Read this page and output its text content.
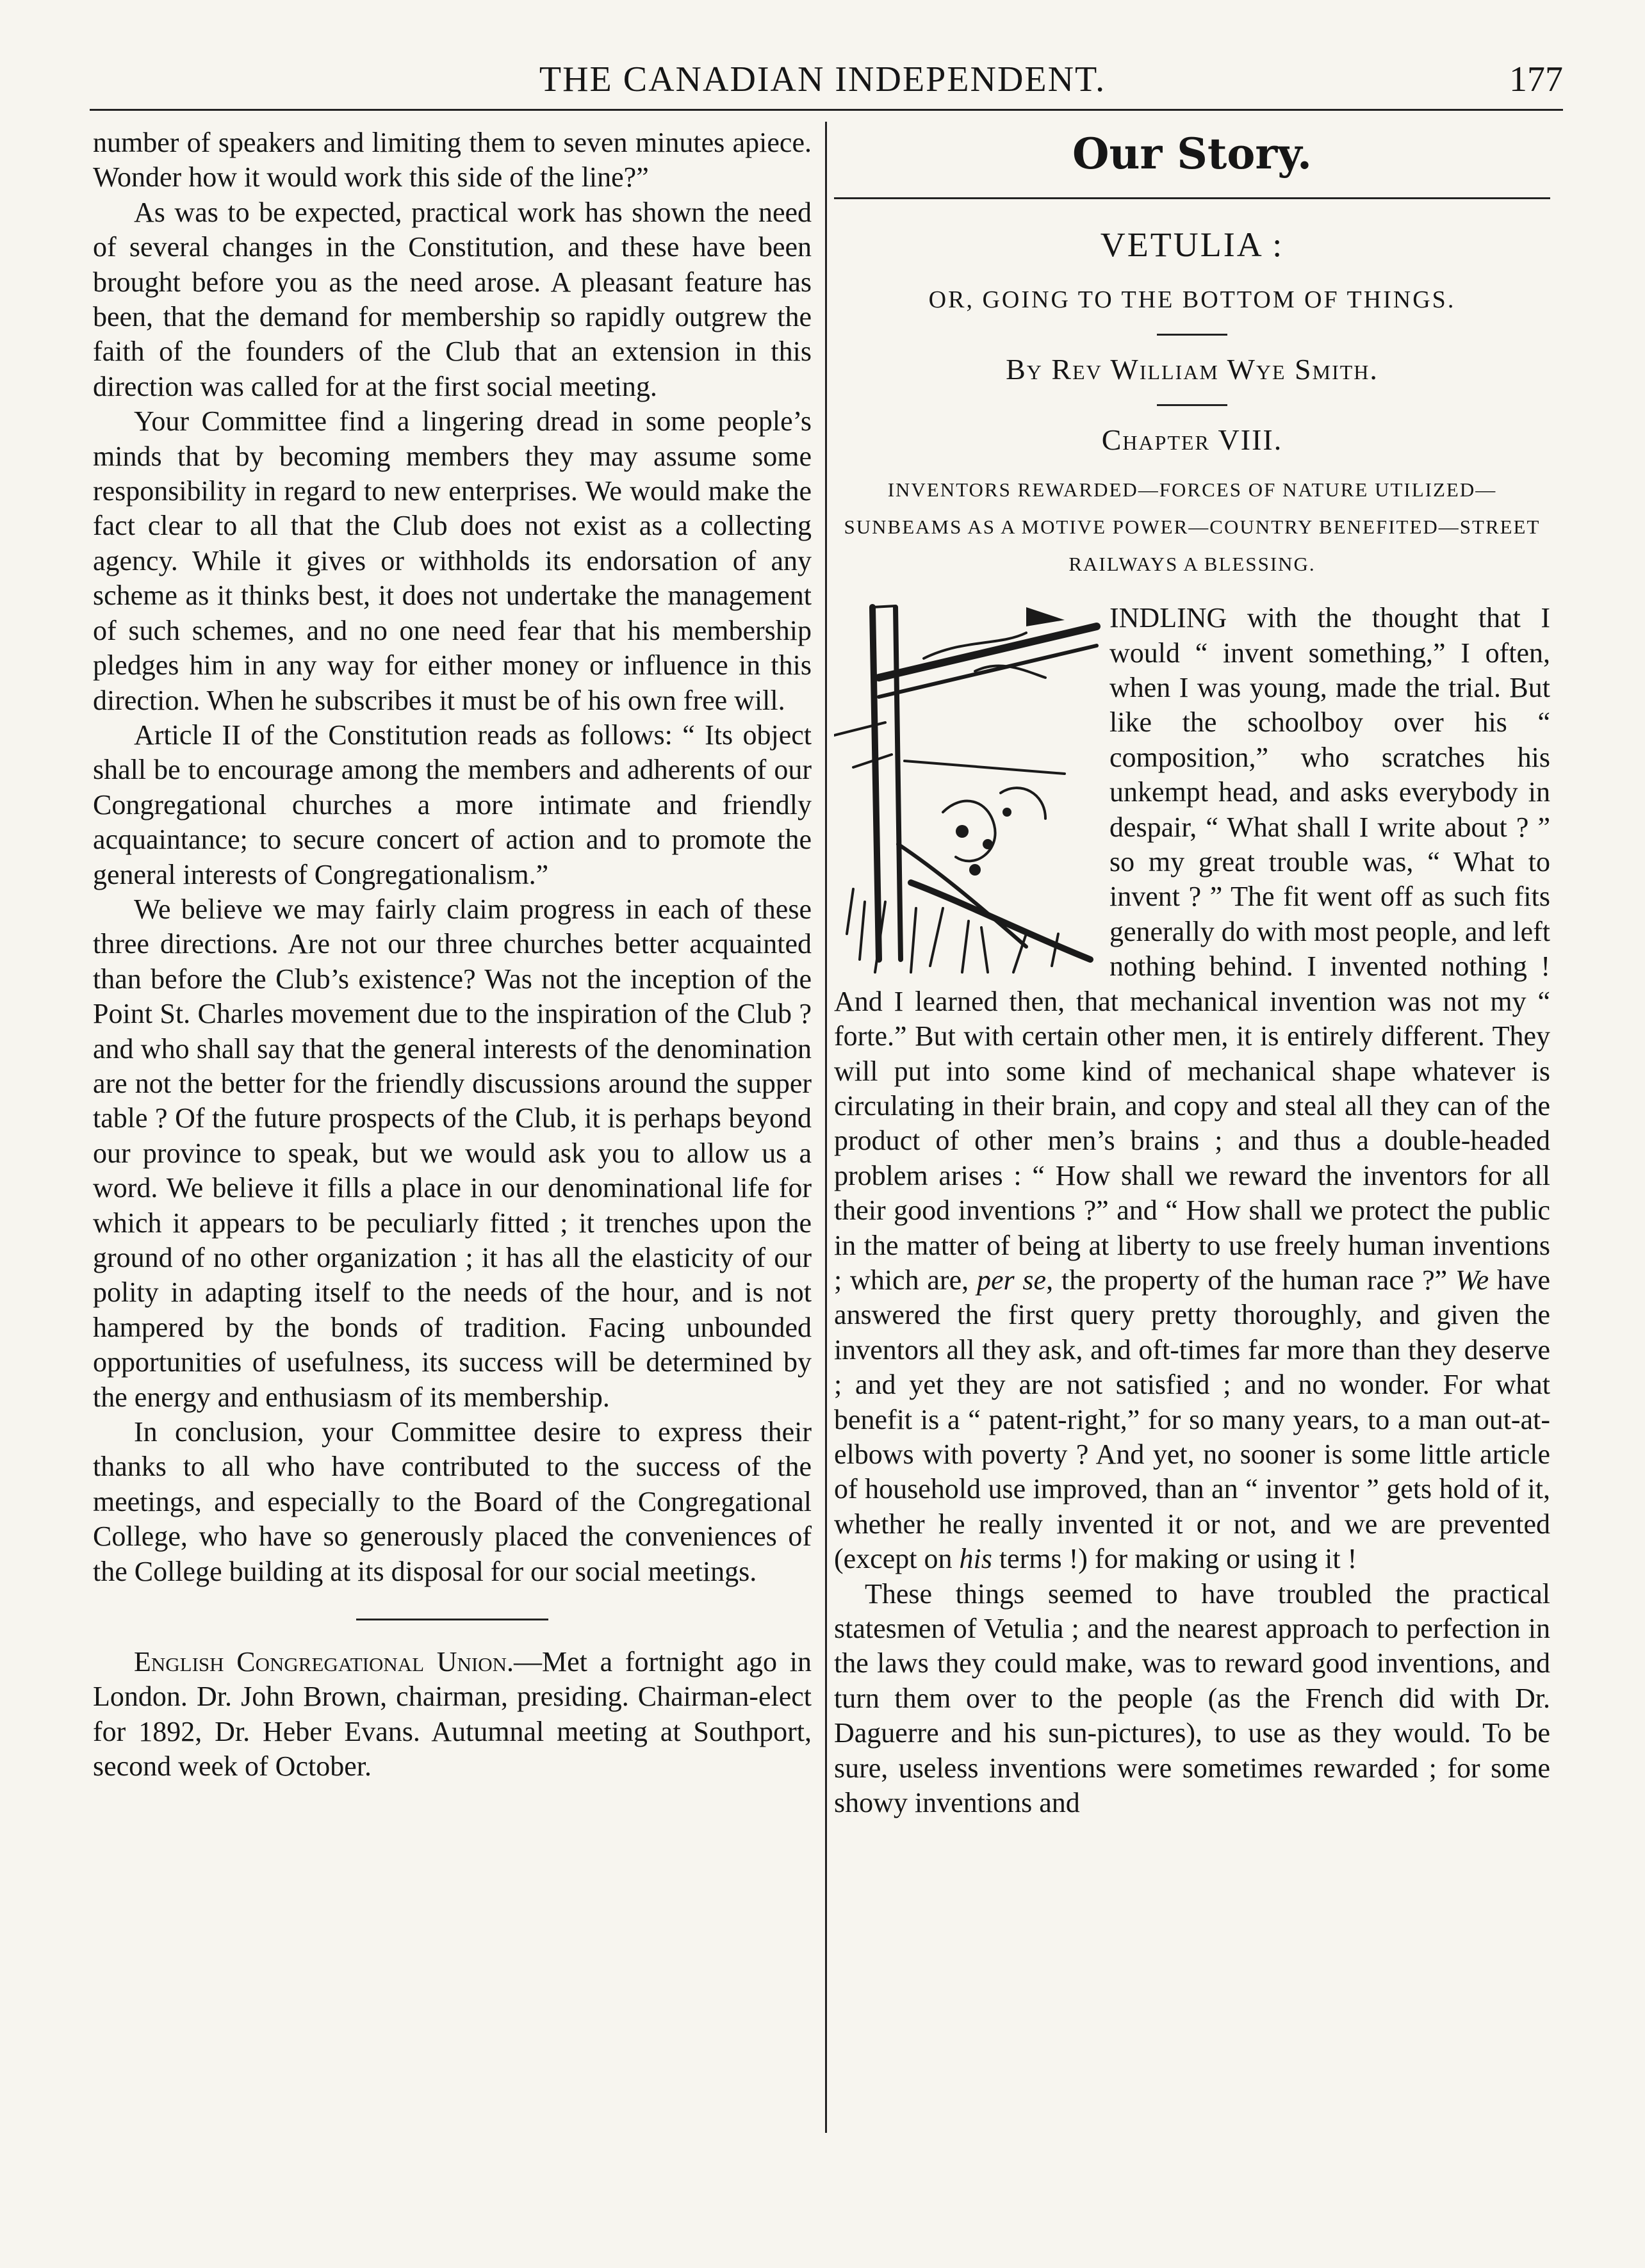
THE CANADIAN INDEPENDENT.	177

number of speakers and limiting them to seven minutes apiece. Wonder how it would work this side of the line?”

As was to be expected, practical work has shown the need of several changes in the Constitution, and these have been brought before you as the need arose. A pleasant feature has been, that the demand for membership so rapidly outgrew the faith of the founders of the Club that an extension in this direction was called for at the first social meeting.

Your Committee find a lingering dread in some people’s minds that by becoming members they may assume some responsibility in regard to new enterprises. We would make the fact clear to all that the Club does not exist as a collecting agency. While it gives or withholds its endorsation of any scheme as it thinks best, it does not undertake the management of such schemes, and no one need fear that his membership pledges him in any way for either money or influence in this direction. When he subscribes it must be of his own free will.

Article II of the Constitution reads as follows: “ Its object shall be to encourage among the members and adherents of our Congregational churches a more intimate and friendly acquaintance; to secure concert of action and to promote the general interests of Congregationalism.”

We believe we may fairly claim progress in each of these three directions. Are not our three churches better acquainted than before the Club’s existence? Was not the inception of the Point St. Charles movement due to the inspiration of the Club ? and who shall say that the general interests of the denomination are not the better for the friendly discussions around the supper table ? Of the future prospects of the Club, it is perhaps beyond our province to speak, but we would ask you to allow us a word. We believe it fills a place in our denominational life for which it appears to be peculiarly fitted ; it trenches upon the ground of no other organization ; it has all the elasticity of our polity in adapting itself to the needs of the hour, and is not hampered by the bonds of tradition. Facing unbounded opportunities of usefulness, its success will be determined by the energy and enthusiasm of its membership.

In conclusion, your Committee desire to express their thanks to all who have contributed to the success of the meetings, and especially to the Board of the Congregational College, who have so generously placed the conveniences of the College building at its disposal for our social meetings.

English Congregational Union.—Met a fortnight ago in London. Dr. John Brown, chairman, presiding. Chairman-elect for 1892, Dr. Heber Evans. Autumnal meeting at Southport, second week of October.

Our Story.

VETULIA :

OR, GOING TO THE BOTTOM OF THINGS.

By Rev William Wye Smith.

Chapter VIII.

INVENTORS REWARDED—FORCES OF NATURE UTILIZED—SUNBEAMS AS A MOTIVE POWER—COUNTRY BENEFITED—STREET RAILWAYS A BLESSING.

INDLING with the thought that I would “ invent something,” I often, when I was young, made the trial. But like the schoolboy over his “ composition,” who scratches his unkempt head, and asks everybody in despair, “ What shall I write about ? ” so my great trouble was, “ What to invent ? ” The fit went off as such fits generally do with most people, and left nothing behind. I invented nothing ! And I learned then, that mechanical invention was not my “ forte.” But with certain other men, it is entirely different. They will put into some kind of mechanical shape whatever is circulating in their brain, and copy and steal all they can of the product of other men’s brains ; and thus a double-headed problem arises : “ How shall we reward the inventors for all their good inventions ?” and “ How shall we protect the public in the matter of being at liberty to use freely human inventions ; which are, per se, the property of the human race ?” We have answered the first query pretty thoroughly, and given the inventors all they ask, and oft-times far more than they deserve ; and yet they are not satisfied ; and no wonder. For what benefit is a “ patent-right,” for so many years, to a man out-at-elbows with poverty ? And yet, no sooner is some little article of household use improved, than an “ inventor ” gets hold of it, whether he really invented it or not, and we are prevented (except on his terms !) for making or using it !

These things seemed to have troubled the practical statesmen of Vetulia ; and the nearest approach to perfection in the laws they could make, was to reward good inventions, and turn them over to the people (as the French did with Dr. Daguerre and his sun-pictures), to use as they would. To be sure, useless inventions were sometimes rewarded ; for some showy inventions and
